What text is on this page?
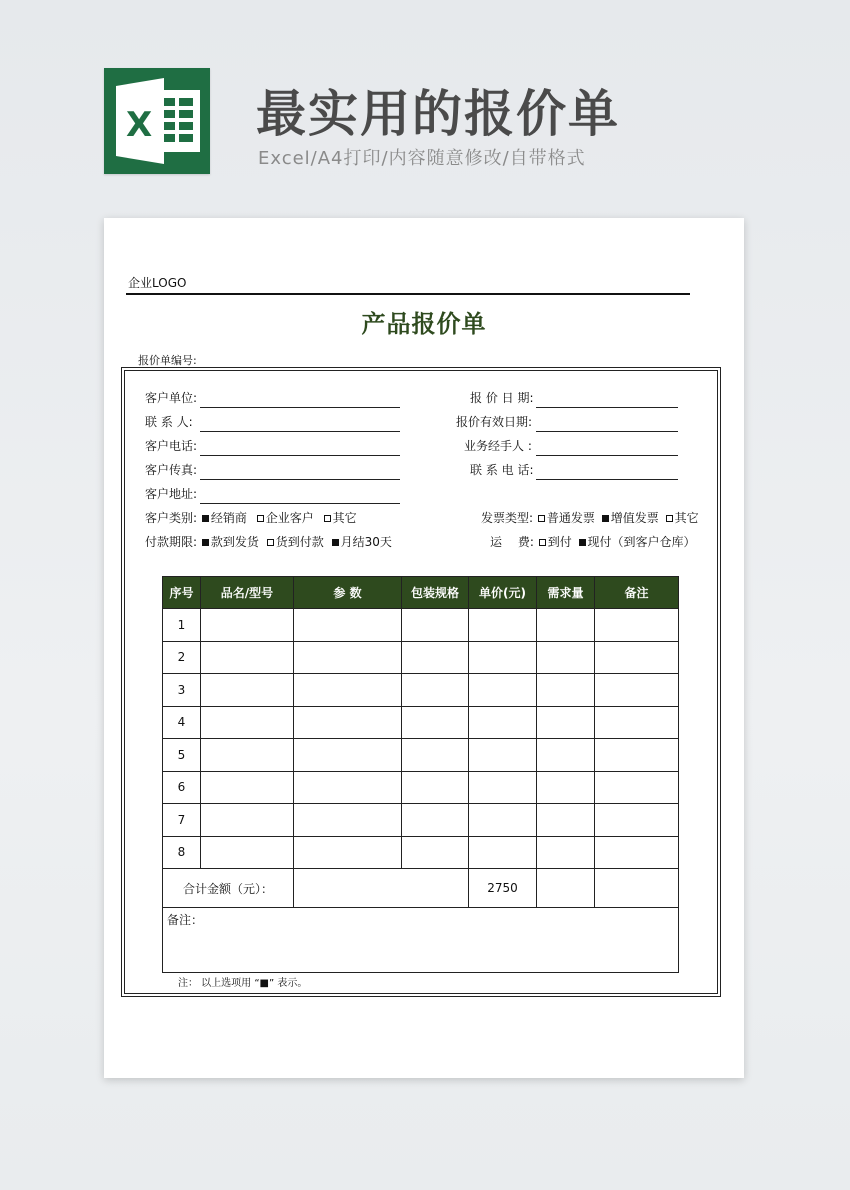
X 最实用的报价单
Excel/A4打印/内容随意修改/自带格式
企业LOGO
产品报价单
报价单编号:
客户单位:
联 系 人:
客户电话:
客户传真:
客户地址:
报 价 日 期:
报价有效日期:
业务经手人 :
联 系 电 话:
客户类别: 经销商 企业客户 其它
付款期限: 款到发货 货到付款 月结30天
发票类型: 普通发票 增值发票 其它
运　 费: 到付 现付（到客户仓库）
序号	品名/型号	参 数	包装规格	单价(元)	需求量	备注
1						
2						
3						
4						
5						
6						
7						
8						
合计金额（元）：				2750		
备注：						
注： 以上选项用 “■” 表示。
